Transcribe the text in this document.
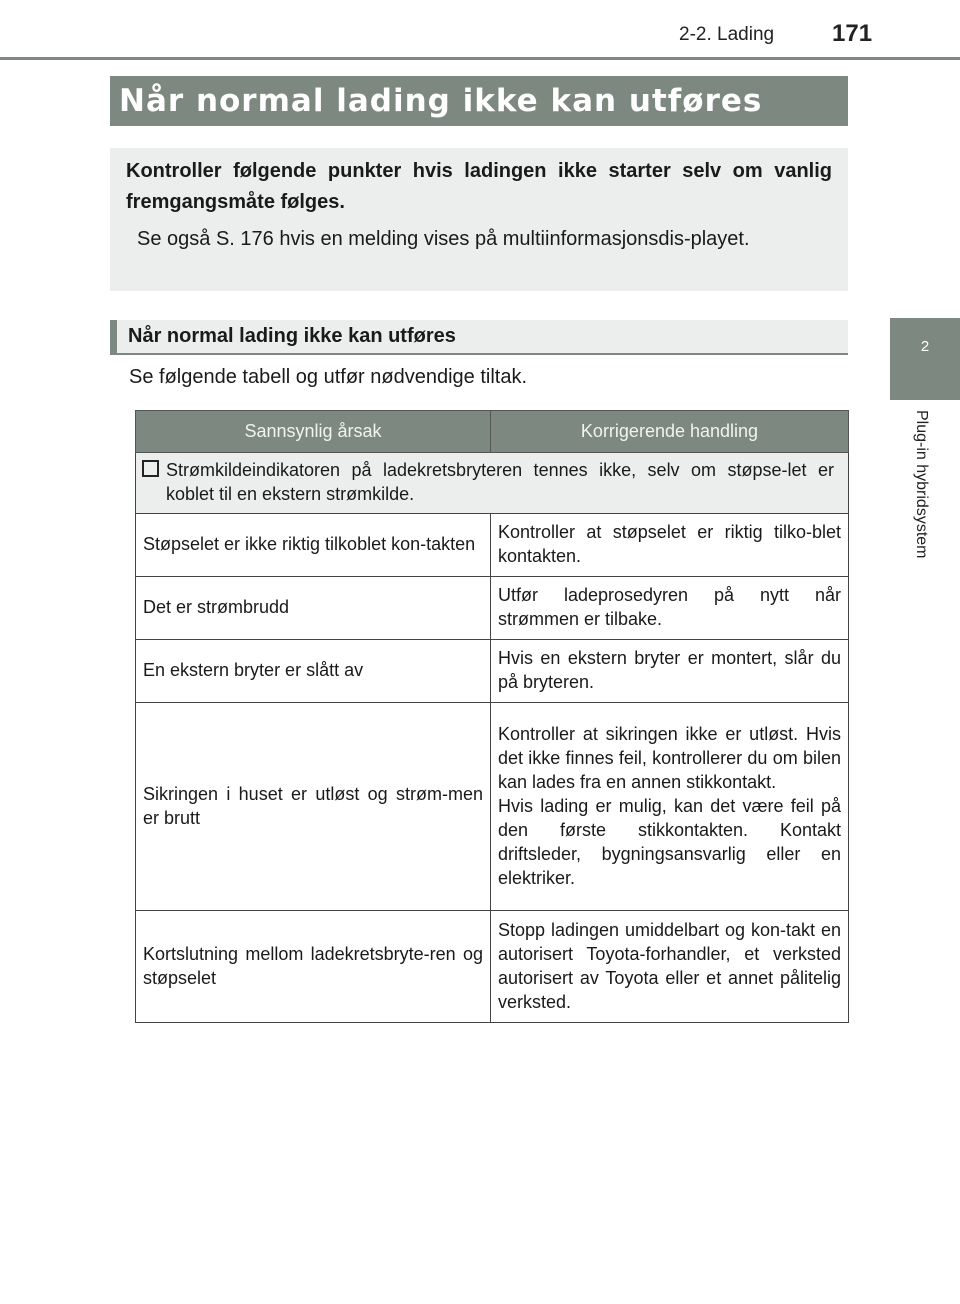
2-2. Lading 171
2
Plug-in hybridsystem
Når normal lading ikke kan utføres
Kontroller følgende punkter hvis ladingen ikke starter selv om vanlig fremgangsmåte følges.
Se også S. 176 hvis en melding vises på multiinformasjonsdis-playet.
Når normal lading ikke kan utføres
Se følgende tabell og utfør nødvendige tiltak.
Sannsynlig årsak	Korrigerende handling
Strømkildeindikatoren på ladekretsbryteren tennes ikke, selv om støpse-let er koblet til en ekstern strømkilde.	
Støpselet er ikke riktig tilkoblet kon-takten	Kontroller at støpselet er riktig tilko-blet kontakten.
Det er strømbrudd	Utfør ladeprosedyren på nytt når strømmen er tilbake.
En ekstern bryter er slått av	Hvis en ekstern bryter er montert, slår du på bryteren.
Sikringen i huset er utløst og strøm-men er brutt	Kontroller at sikringen ikke er utløst. Hvis det ikke finnes feil, kontrollerer du om bilen kan lades fra en annen stikkontakt.
Hvis lading er mulig, kan det være feil på den første stikkontakten. Kontakt driftsleder, bygningsansvarlig eller en elektriker.

Kortslutning mellom ladekretsbryte-ren og støpselet	Stopp ladingen umiddelbart og kon-takt en autorisert Toyota-forhandler, et verksted autorisert av Toyota eller et annet pålitelig verksted.
